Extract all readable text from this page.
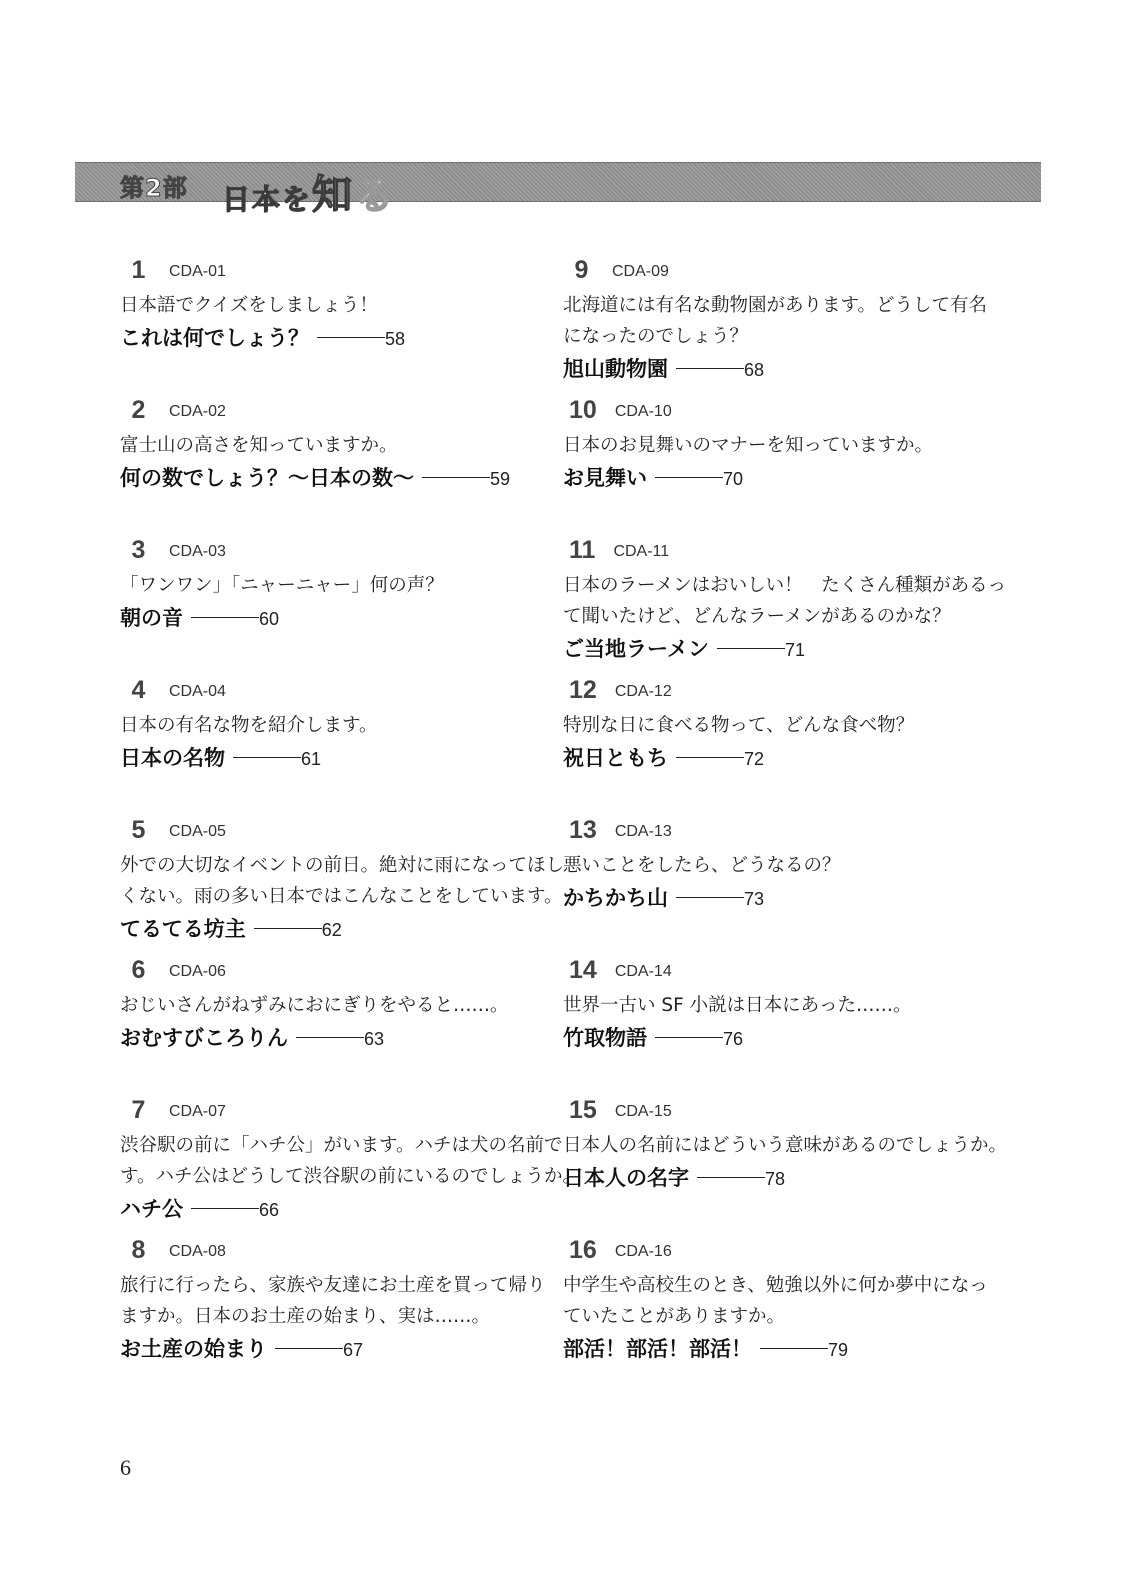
第2部 日本を知る
1	CDA-01
日本語でクイズをしましょう！
これは何でしょう？	58
2	CDA-02
富士山の高さを知っていますか。
何の数でしょう？〜日本の数〜	59
3	CDA-03
「ワンワン」「ニャーニャー」何の声？
朝の音	60
4	CDA-04
日本の有名な物を紹介します。
日本の名物	61
5	CDA-05
外での大切なイベントの前日。絶対に雨になってほし
くない。雨の多い日本ではこんなことをしています。
てるてる坊主	62
6	CDA-06
おじいさんがねずみにおにぎりをやると……。
おむすびころりん	63
7	CDA-07
渋谷駅の前に「ハチ公」がいます。ハチは犬の名前で
す。ハチ公はどうして渋谷駅の前にいるのでしょうか。
ハチ公	66
8	CDA-08
旅行に行ったら、家族や友達にお土産を買って帰り
ますか。日本のお土産の始まり、実は……。
お土産の始まり	67
9	CDA-09
北海道には有名な動物園があります。どうして有名
になったのでしょう？
旭山動物園	68
10 CDA-10
日本のお見舞いのマナーを知っていますか。
お見舞い	70
11 CDA-11
日本のラーメンはおいしい！　たくさん種類があるっ
て聞いたけど、どんなラーメンがあるのかな？
ご当地ラーメン	71
12 CDA-12
特別な日に食べる物って、どんな食べ物？
祝日ともち	72
13 CDA-13
悪いことをしたら、どうなるの？
かちかち山	73
14 CDA-14
世界一古い SF 小説は日本にあった……。
竹取物語	76
15 CDA-15
日本人の名前にはどういう意味があるのでしょうか。
日本人の名字	78
16 CDA-16
中学生や高校生のとき、勉強以外に何か夢中になっ
ていたことがありますか。
部活！部活！部活！	79
6
